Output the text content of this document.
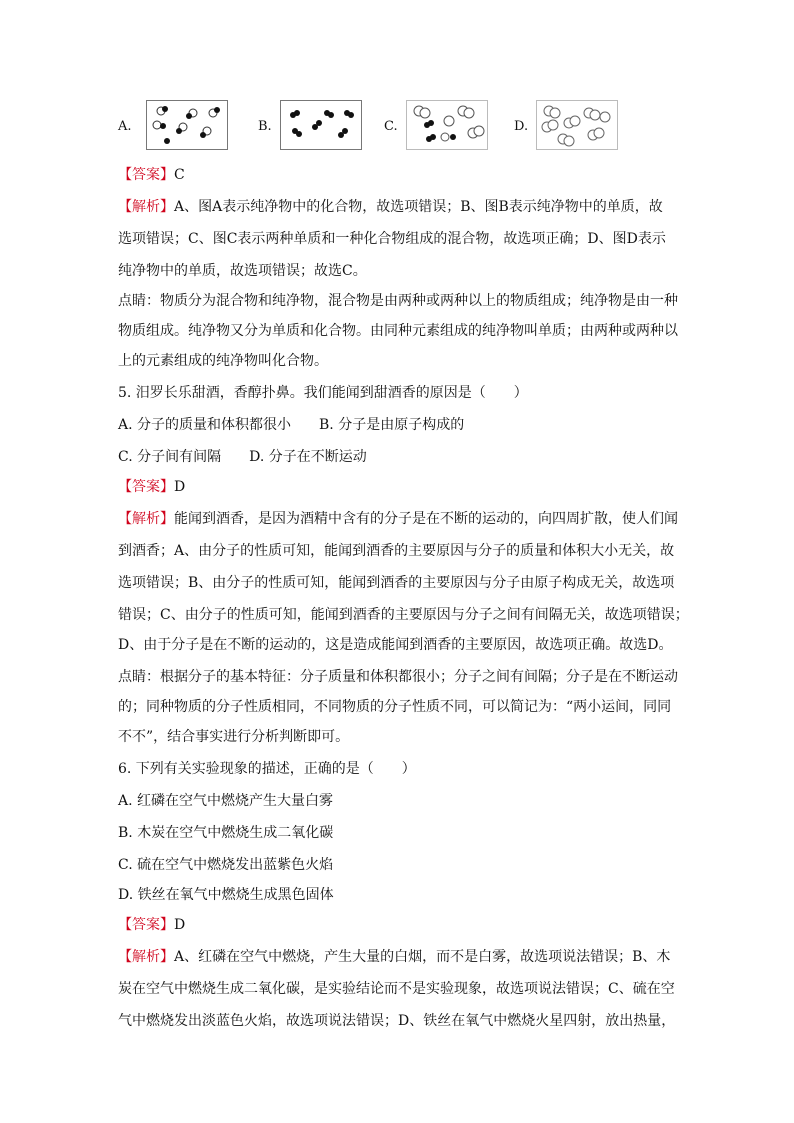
A.	B.	C.	D.
【答案】C
【解析】A、图A表示纯净物中的化合物，故选项错误；B、图B表示纯净物中的单质，故
选项错误；C、图C表示两种单质和一种化合物组成的混合物，故选项正确；D、图D表示
纯净物中的单质，故选项错误；故选C。
点睛：物质分为混合物和纯净物，混合物是由两种或两种以上的物质组成；纯净物是由一种
物质组成。纯净物又分为单质和化合物。由同种元素组成的纯净物叫单质；由两种或两种以
上的元素组成的纯净物叫化合物。
5. 汨罗长乐甜酒，香醇扑鼻。我们能闻到甜酒香的原因是（　　）
A. 分子的质量和体积都很小　　B. 分子是由原子构成的
C. 分子间有间隔　　D. 分子在不断运动
【答案】D
【解析】能闻到酒香，是因为酒精中含有的分子是在不断的运动的，向四周扩散，使人们闻
到酒香；A、由分子的性质可知，能闻到酒香的主要原因与分子的质量和体积大小无关，故
选项错误；B、由分子的性质可知，能闻到酒香的主要原因与分子由原子构成无关，故选项
错误；C、由分子的性质可知，能闻到酒香的主要原因与分子之间有间隔无关，故选项错误；
D、由于分子是在不断的运动的，这是造成能闻到酒香的主要原因，故选项正确。故选D。
点睛：根据分子的基本特征：分子质量和体积都很小；分子之间有间隔；分子是在不断运动
的；同种物质的分子性质相同，不同物质的分子性质不同，可以简记为：“两小运间，同同
不不”，结合事实进行分析判断即可。
6. 下列有关实验现象的描述，正确的是（　　）
A. 红磷在空气中燃烧产生大量白雾
B. 木炭在空气中燃烧生成二氧化碳
C. 硫在空气中燃烧发出蓝紫色火焰
D. 铁丝在氧气中燃烧生成黑色固体
【答案】D
【解析】A、红磷在空气中燃烧，产生大量的白烟，而不是白雾，故选项说法错误；B、木
炭在空气中燃烧生成二氧化碳，是实验结论而不是实验现象，故选项说法错误；C、硫在空
气中燃烧发出淡蓝色火焰，故选项说法错误；D、铁丝在氧气中燃烧火星四射，放出热量，
